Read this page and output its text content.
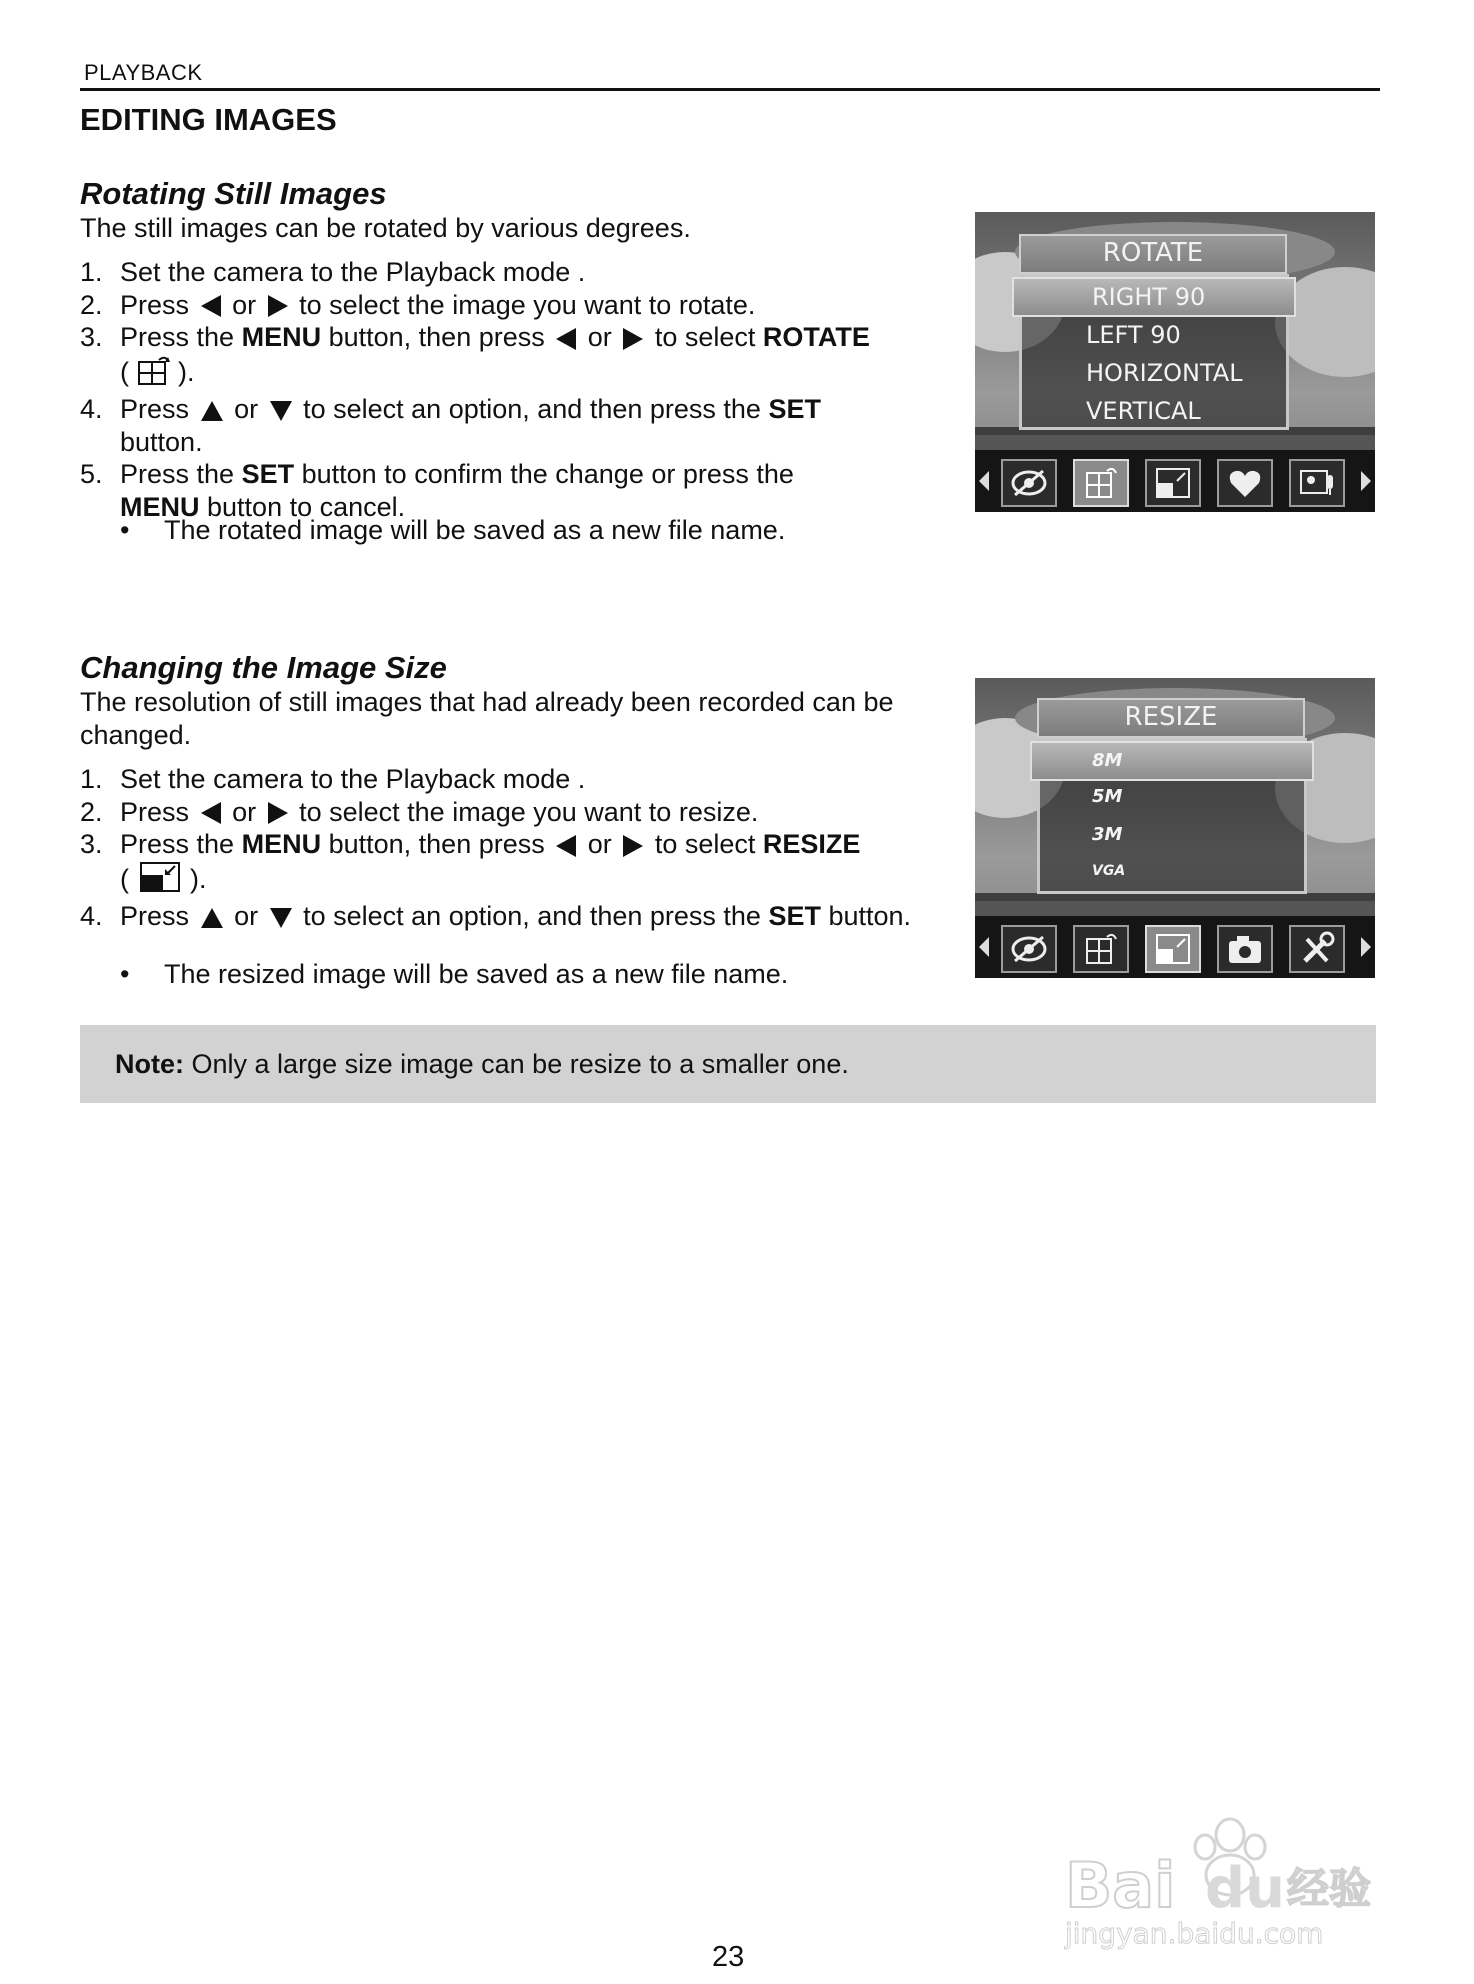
PLAYBACK
EDITING IMAGES
Rotating Still Images
The still images can be rotated by various degrees.
1. Set the camera to the Playback mode .
2. Press or to select the image you want to rotate.
3. Press the MENU button, then press or to select ROTATE
( ).
4. Press or to select an option, and then press the SET
button.
5. Press the SET button to confirm the change or press the
MENU button to cancel.
• The rotated image will be saved as a new file name.
ROTATE
RIGHT 90
LEFT 90
HORIZONTAL
VERTICAL
Changing the Image Size
The resolution of still images that had already been recorded can be changed.
1. Set the camera to the Playback mode .
2. Press or to select the image you want to resize.
3. Press the MENU button, then press or to select RESIZE
( ).
4. Press or to select an option, and then press the SET button.
• The resized image will be saved as a new file name.
RESIZE
8M
5M
3M
VGA
Note: Only a large size image can be resize to a smaller one.
Bai du 经验
jingyan.baidu.com
23
